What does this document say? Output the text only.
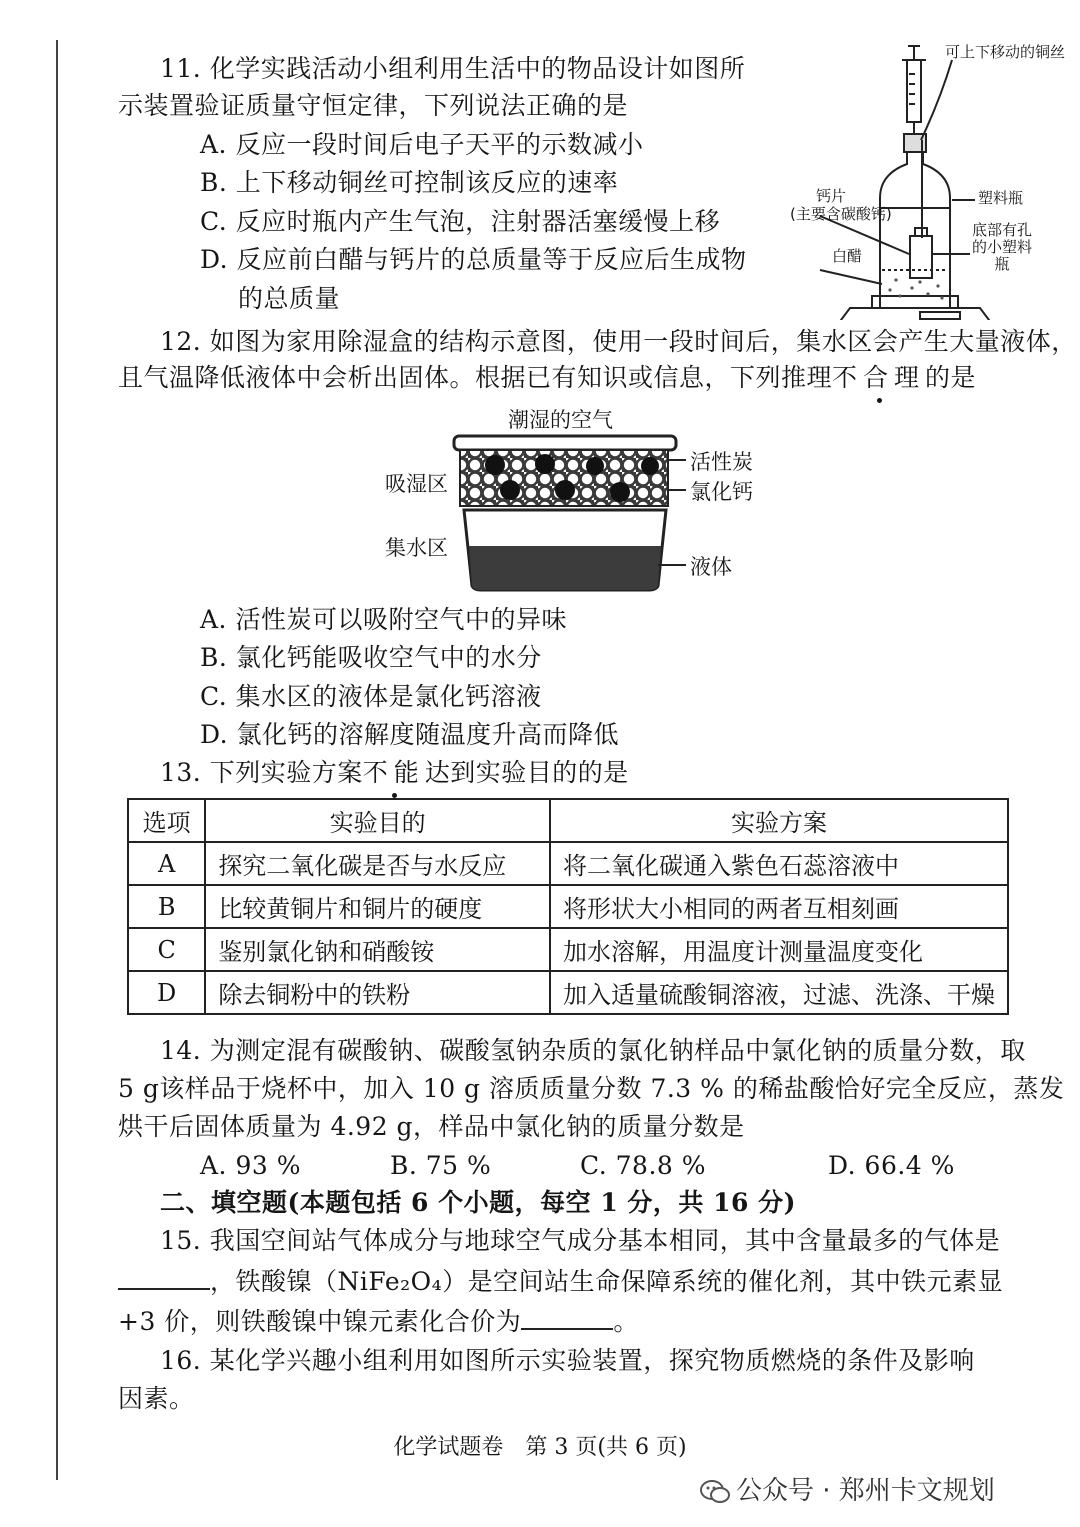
11. 化学实践活动小组利用生活中的物品设计如图所
示装置验证质量守恒定律，下列说法正确的是
A. 反应一段时间后电子天平的示数减小
B. 上下移动铜丝可控制该反应的速率
C. 反应时瓶内产生气泡，注射器活塞缓慢上移
D. 反应前白醋与钙片的总质量等于反应后生成物
的总质量
可上下移动的铜丝
钙片
(主要含碳酸钙)
白醋
塑料瓶
底部有孔的小塑料瓶
12. 如图为家用除湿盒的结构示意图，使用一段时间后，集水区会产生大量液体，
且气温降低液体中会析出固体。根据已有知识或信息，下列推理不合理的是
潮湿的空气
吸湿区
集水区
活性炭
氯化钙
液体
A. 活性炭可以吸附空气中的异味
B. 氯化钙能吸收空气中的水分
C. 集水区的液体是氯化钙溶液
D. 氯化钙的溶解度随温度升高而降低
13. 下列实验方案不能达到实验目的的是
选项	实验目的	实验方案
A	探究二氧化碳是否与水反应	将二氧化碳通入紫色石蕊溶液中
B	比较黄铜片和铜片的硬度	将形状大小相同的两者互相刻画
C	鉴别氯化钠和硝酸铵	加水溶解，用温度计测量温度变化
D	除去铜粉中的铁粉	加入适量硫酸铜溶液，过滤、洗涤、干燥
14. 为测定混有碳酸钠、碳酸氢钠杂质的氯化钠样品中氯化钠的质量分数，取
5 g该样品于烧杯中，加入 10 g 溶质质量分数 7.3 % 的稀盐酸恰好完全反应，蒸发
烘干后固体质量为 4.92 g，样品中氯化钠的质量分数是
A. 93 %	B. 75 %	C. 78.8 %	D. 66.4 %
二、填空题(本题包括 6 个小题，每空 1 分，共 16 分)
15. 我国空间站气体成分与地球空气成分基本相同，其中含量最多的气体是
，铁酸镍（NiFe₂O₄）是空间站生命保障系统的催化剂，其中铁元素显
+3 价，则铁酸镍中镍元素化合价为	。
16. 某化学兴趣小组利用如图所示实验装置，探究物质燃烧的条件及影响
因素。
化学试题卷　第 3 页(共 6 页)
公众号 · 郑州卡文规划
